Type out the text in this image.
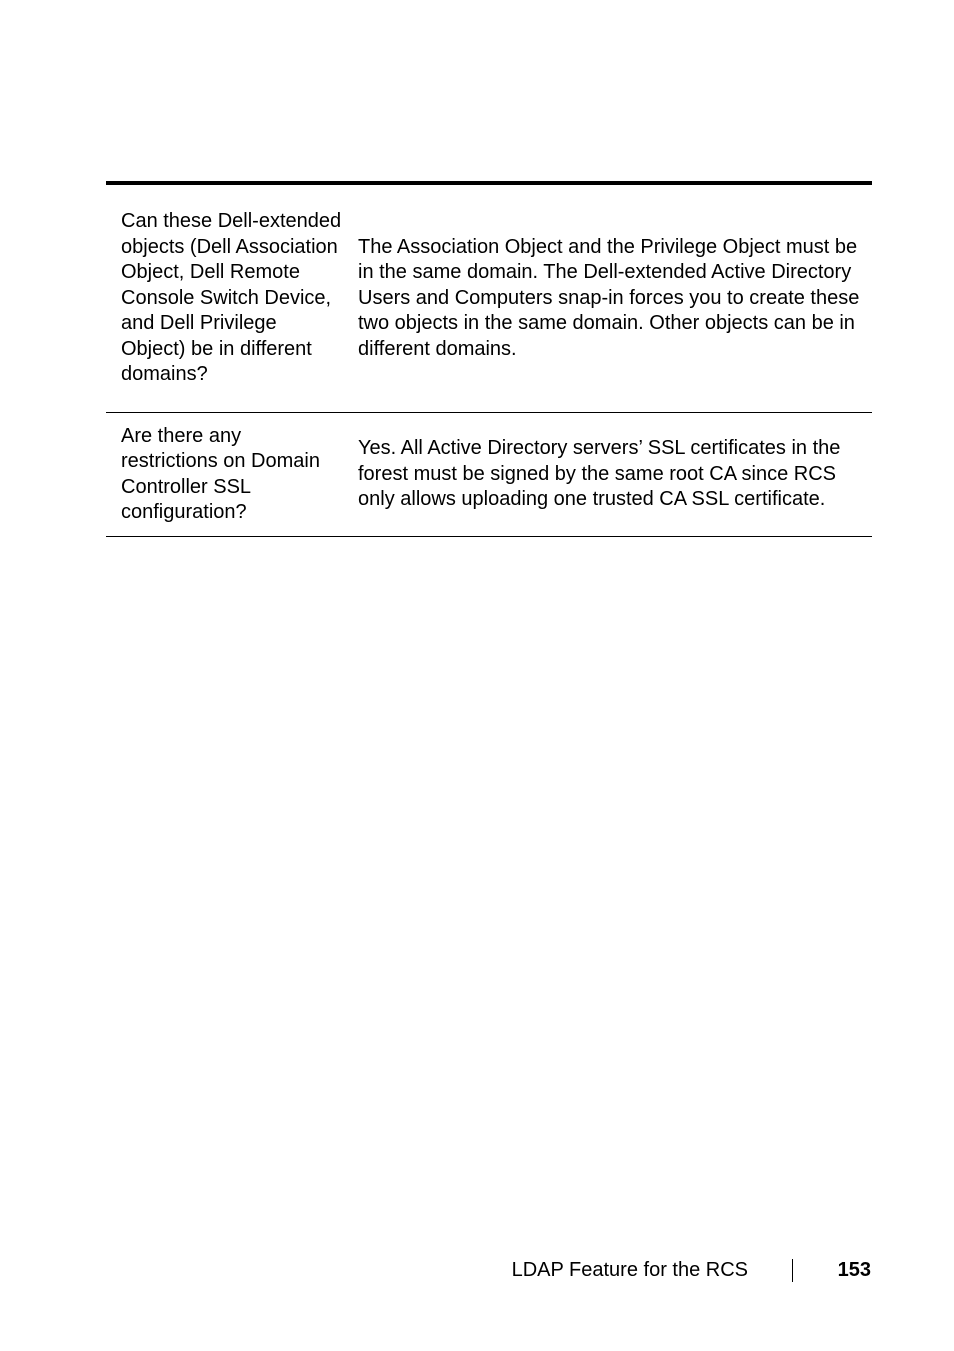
Can these Dell-extended objects (Dell Association Object, Dell Remote Console Switch Device, and Dell Privilege Object) be in different domains?
The Association Object and the Privilege Object must be in the same domain. The Dell-extended Active Directory Users and Computers snap-in forces you to create these two objects in the same domain. Other objects can be in different domains.
Are there any restrictions on Domain Controller SSL configuration?
Yes. All Active Directory servers’ SSL certificates in the forest must be signed by the same root CA since RCS only allows uploading one trusted CA SSL certificate.
LDAP Feature for the RCS	153
